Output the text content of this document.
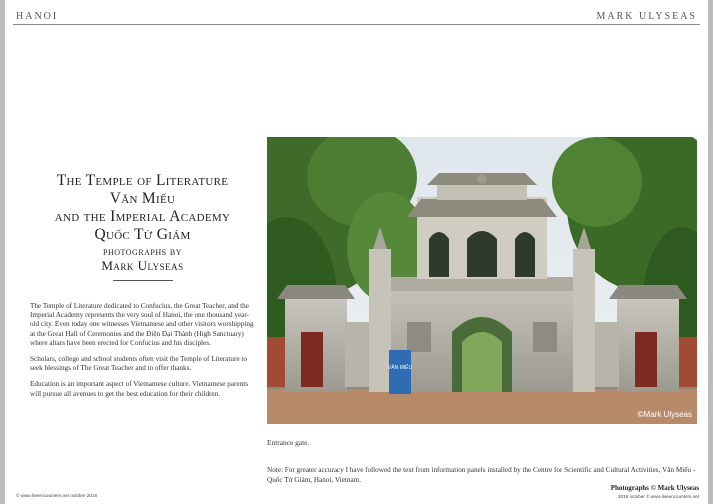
HANOI	MARK ULYSEAS
The Temple of Literature
Văn Miếu
and the Imperial Academy
Quốc Tử Giám
photographs by
Mark Ulyseas

The Temple of Literature dedicated to Confucius, the Great Teacher, and the Imperial Academy represents the very soul of Hanoi, the one thousand year-old city. Even today one witnesses Vietnamese and other visitors worshipping at the Great Hall of Ceremonies and the Điện Đại Thành (High Sanctuary) where altars have been erected for Confucius and his disciples.

Scholars, college and school students often visit the Temple of Literature to seek blessings of The Great Teacher and to offer thanks.

Education is an important aspect of Vietnamese culture. Vietnamese parents will pursue all avenues to get the best education for their children.

VĂN MIẾU
©Mark Ulyseas
Entrance gate.
Note: For greater accuracy I have followed the text from information panels installed by the Centre for Scientific and Cultural Activities, Văn Miếu - Quốc Tử Giám, Hanoi, Vietnam.
© www.liveencounters.net october 2018
Photographs © Mark Ulyseas
2018 october © www.liveencounters.net
